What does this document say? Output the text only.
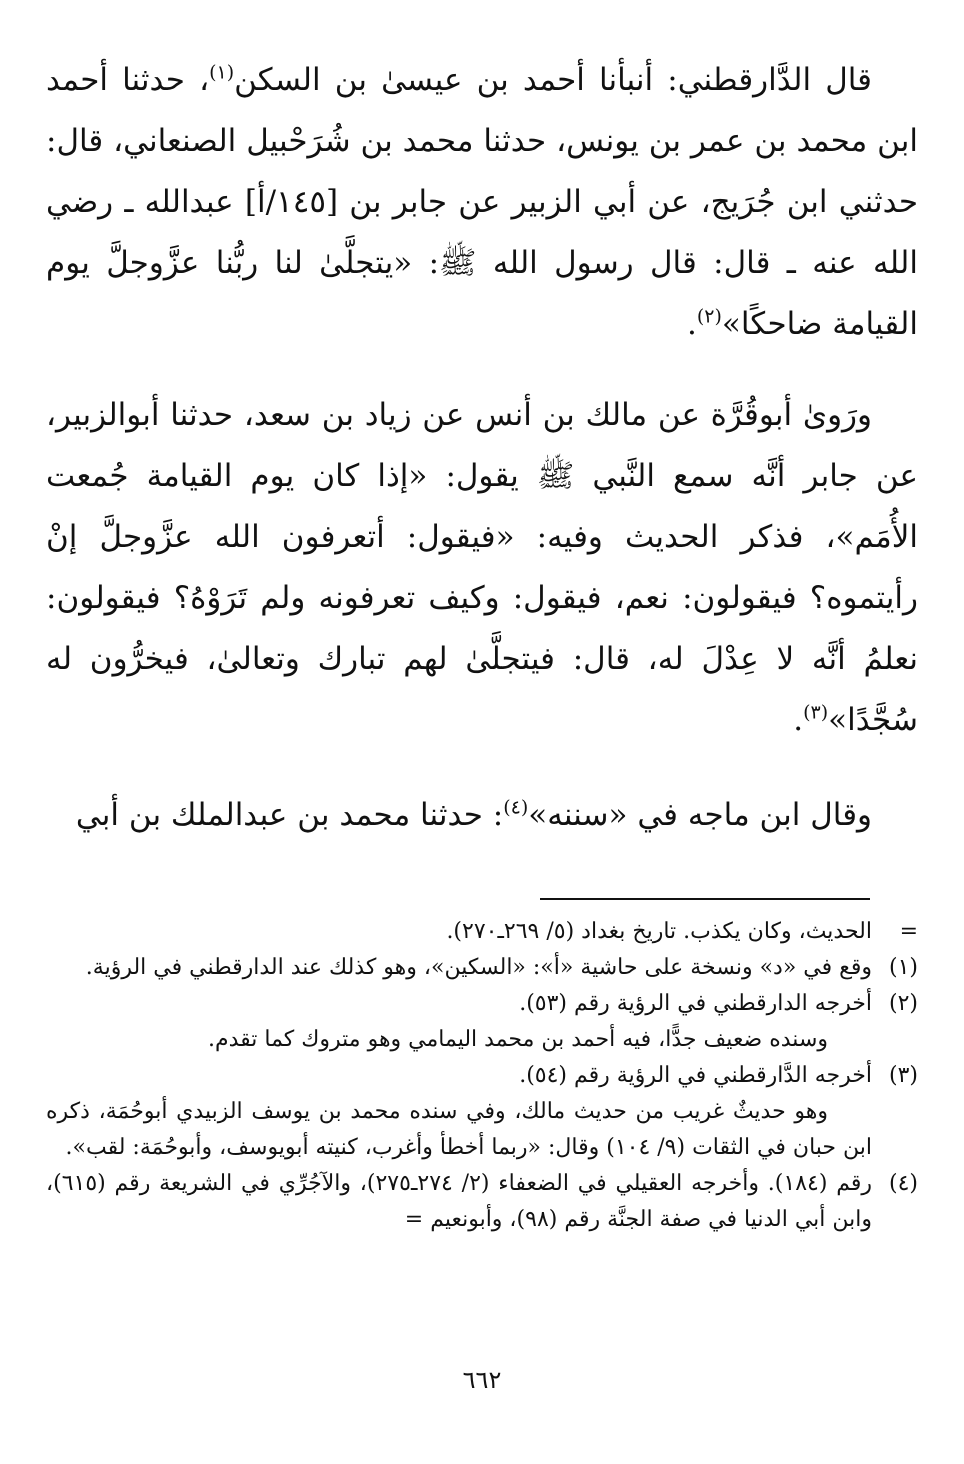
قال الدَّارقطني: أنبأنا أحمد بن عيسىٰ بن السكن$^{(١)}$، حدثنا أحمد ابن محمد بن عمر بن يونس، حدثنا محمد بن شُرَحْبيل الصنعاني، قال: حدثني ابن جُرَيج، عن أبي الزبير عن جابر بن [١٤٥/أ] عبدالله ـ رضي الله عنه ـ قال: قال رسول الله ﷺ: «يتجلَّىٰ لنا ربُّنا عزَّوجلَّ يوم القيامة ضاحكًا»$^{(٢)}$.

ورَوىٰ أبوقُرَّة عن مالك بن أنس عن زياد بن سعد، حدثنا أبوالزبير، عن جابر أنَّه سمع النَّبي ﷺ يقول: «إذا كان يوم القيامة جُمعت الأُمَم»، فذكر الحديث وفيه: «فيقول: أتعرفون الله عزَّوجلَّ إنْ رأيتموه؟ فيقولون: نعم، فيقول: وكيف تعرفونه ولم تَرَوْهُ؟ فيقولون: نعلمُ أنَّه لا عِدْلَ له، قال: فيتجلَّىٰ لهم تبارك وتعالىٰ، فيخرُّون له سُجَّدًا»$^{(٣)}$.

وقال ابن ماجه في «سننه»$^{(٤)}$: حدثنا محمد بن عبدالملك بن أبي

=
الحديث، وكان يكذب. تاريخ بغداد (٥/ ٢٦٩ـ٢٧٠).
(١)
وقع في «د» ونسخة على حاشية «أ»: «السكين»، وهو كذلك عند الدارقطني في الرؤية.
(٢)
أخرجه الدارقطني في الرؤية رقم (٥٣).
وسنده ضعيف جدًّا، فيه أحمد بن محمد اليمامي وهو متروك كما تقدم.
(٣)
أخرجه الدَّارقطني في الرؤية رقم (٥٤).
وهو حديثٌ غريب من حديث مالك، وفي سنده محمد بن يوسف الزبيدي أبوحُمَة، ذكره ابن حبان في الثقات (٩/ ١٠٤) وقال: «ربما أخطأ وأغرب، كنيته أبويوسف، وأبوحُمَة: لقب».
(٤)
رقم (١٨٤). وأخرجه العقيلي في الضعفاء (٢/ ٢٧٤ـ٢٧٥)، والآجُرِّي في الشريعة رقم (٦١٥)، وابن أبي الدنيا في صفة الجنَّة رقم (٩٨)، وأبونعيم =
٦٦٢
